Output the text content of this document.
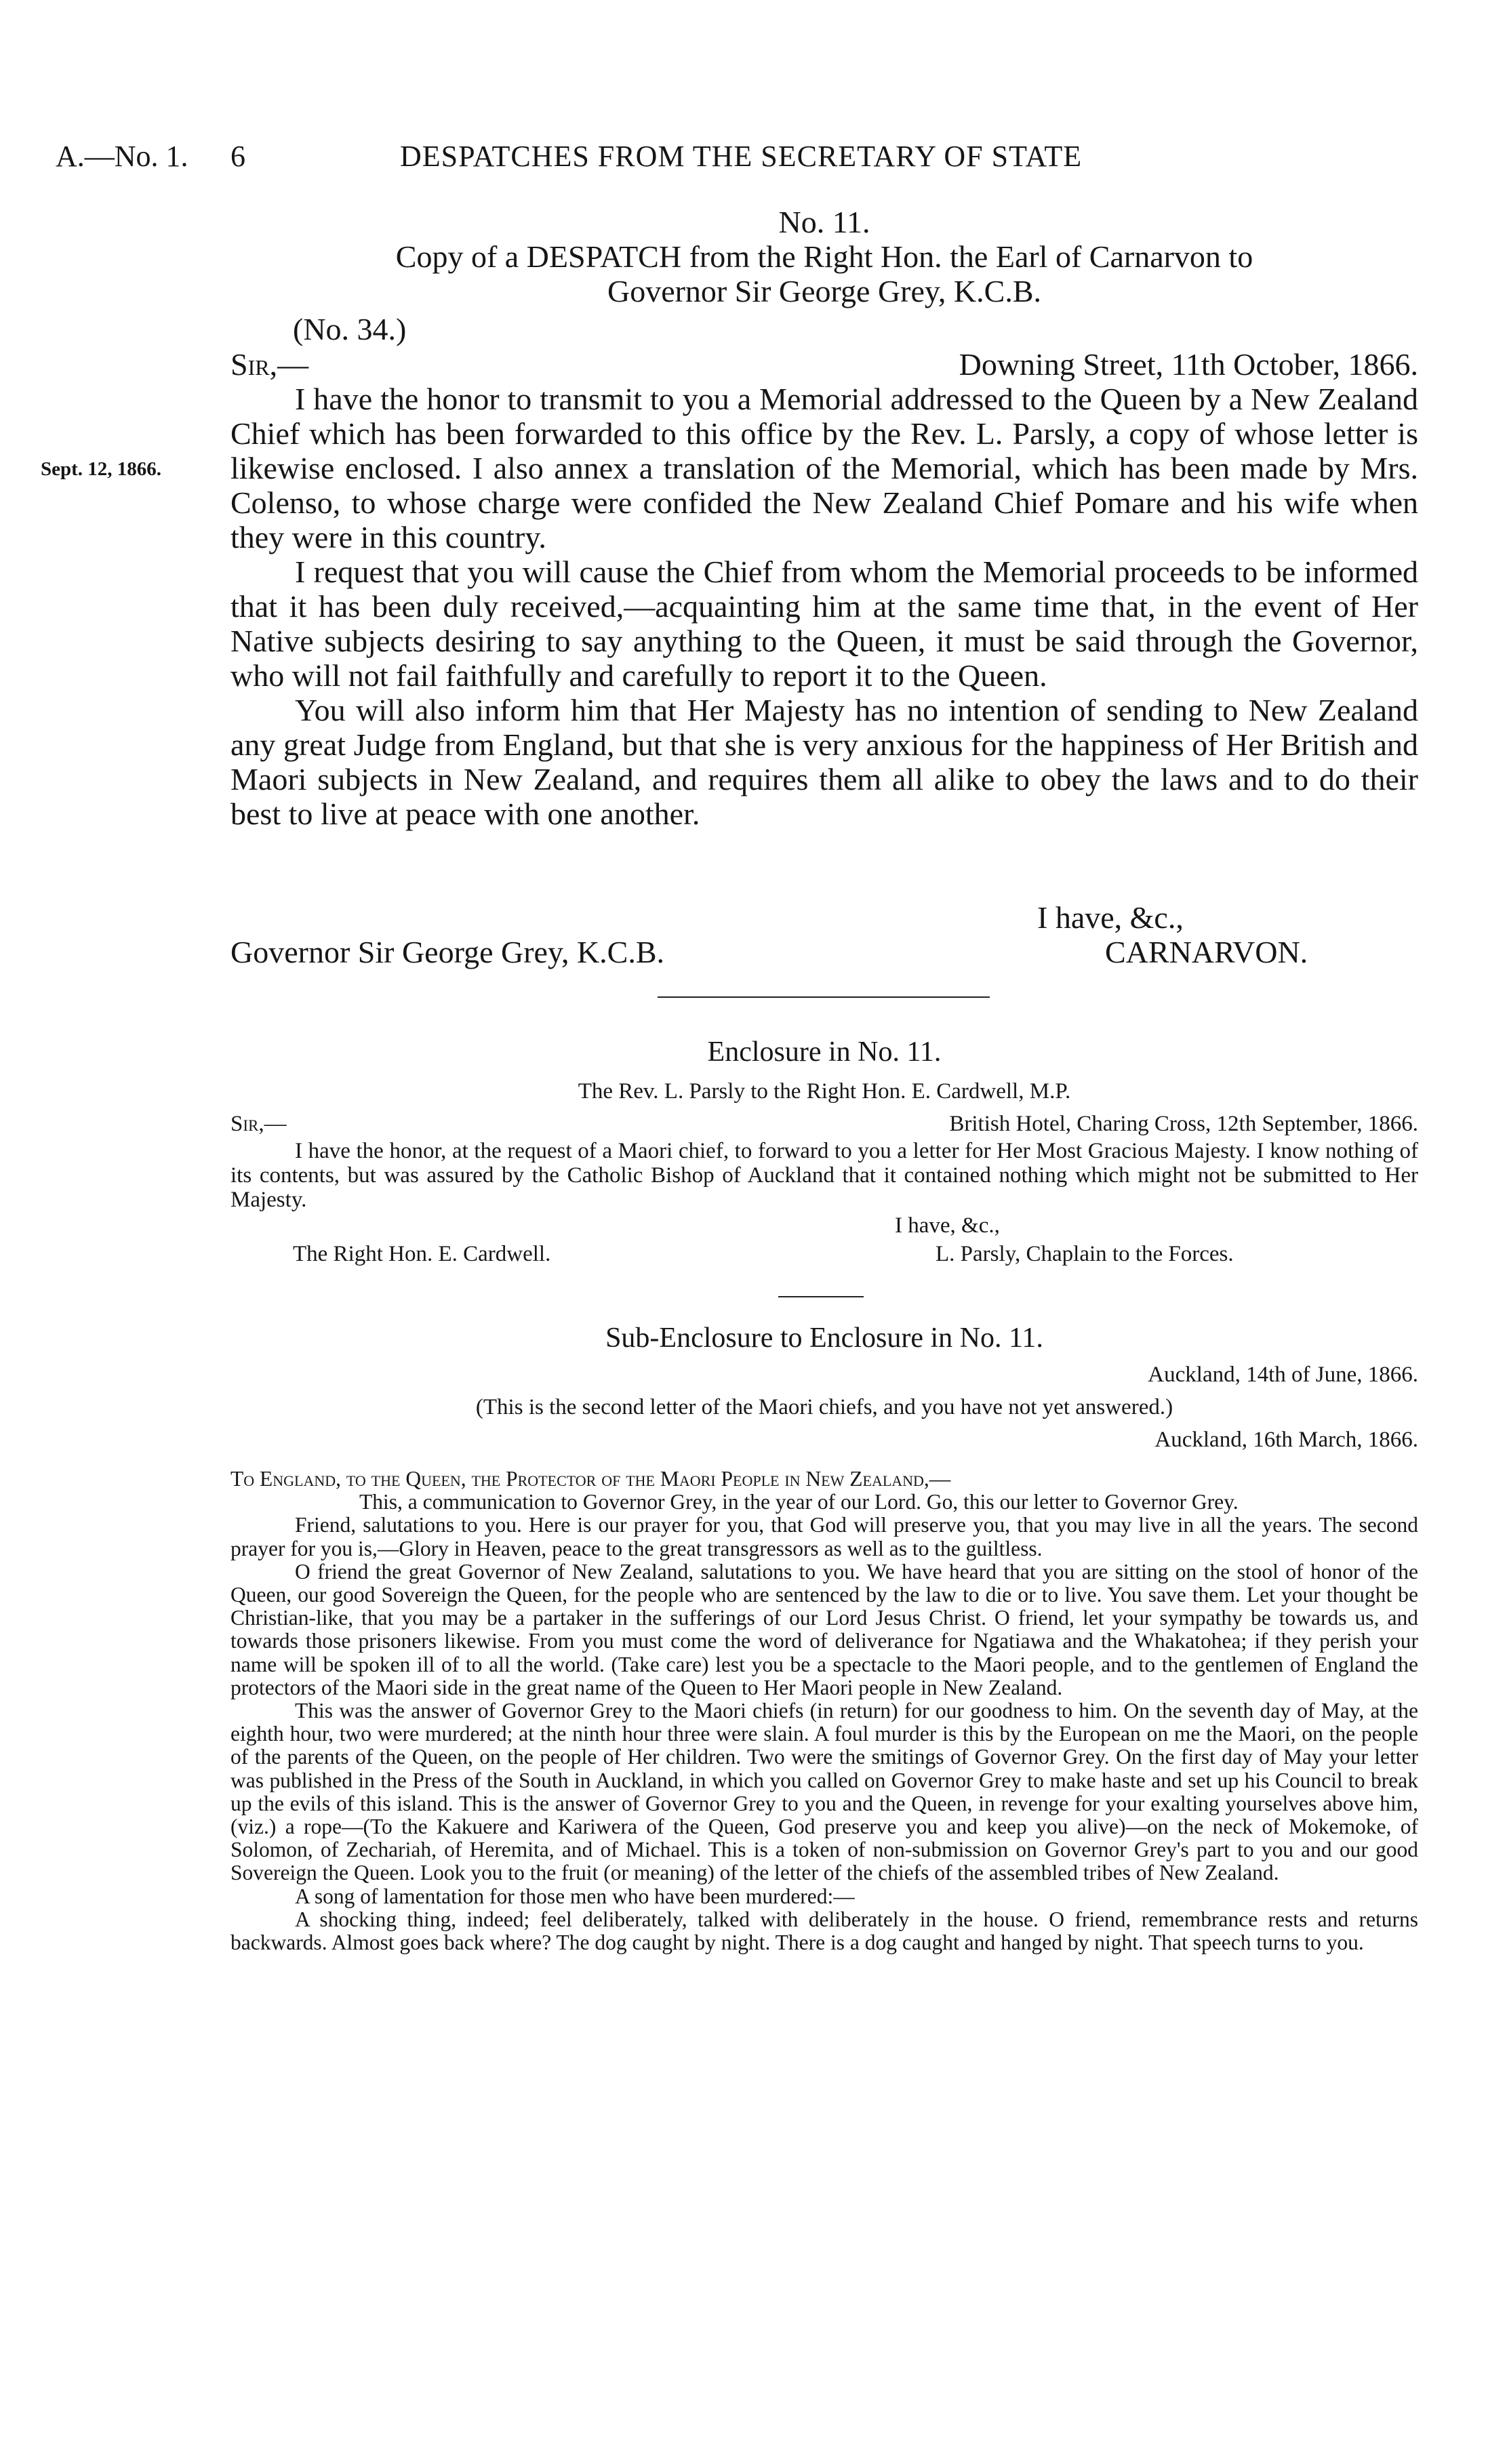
A.—No. 1. 6	DESPATCHES FROM THE SECRETARY OF STATE
No. 11.
Copy of a DESPATCH from the Right Hon. the Earl of Carnarvon to
Governor Sir George Grey, K.C.B.
(No. 34.)
Sir,—	Downing Street, 11th October, 1866.
Sept. 12, 1866.

I have the honor to transmit to you a Memorial addressed to the Queen by a New Zealand Chief which has been forwarded to this office by the Rev. L. Parsly, a copy of whose letter is likewise enclosed. I also annex a translation of the Memorial, which has been made by Mrs. Colenso, to whose charge were confided the New Zealand Chief Pomare and his wife when they were in this country.

I request that you will cause the Chief from whom the Memorial proceeds to be informed that it has been duly received,—acquainting him at the same time that, in the event of Her Native subjects desiring to say anything to the Queen, it must be said through the Governor, who will not fail faithfully and carefully to report it to the Queen.

You will also inform him that Her Majesty has no intention of sending to New Zealand any great Judge from England, but that she is very anxious for the happiness of Her British and Maori subjects in New Zealand, and requires them all alike to obey the laws and to do their best to live at peace with one another.

I have, &c.,
Governor Sir George Grey, K.C.B.	CARNARVON.
Enclosure in No. 11.
The Rev. L. Parsly to the Right Hon. E. Cardwell, M.P.
Sir,—	British Hotel, Charing Cross, 12th September, 1866.

I have the honor, at the request of a Maori chief, to forward to you a letter for Her Most Gracious Majesty. I know nothing of its contents, but was assured by the Catholic Bishop of Auckland that it contained nothing which might not be submitted to Her Majesty.

I have, &c.,
The Right Hon. E. Cardwell.	L. Parsly, Chaplain to the Forces.
Sub-Enclosure to Enclosure in No. 11.
Auckland, 14th of June, 1866.
(This is the second letter of the Maori chiefs, and you have not yet answered.)
Auckland, 16th March, 1866.

To England, to the Queen, the Protector of the Maori People in New Zealand,—

This, a communication to Governor Grey, in the year of our Lord. Go, this our letter to Governor Grey.

Friend, salutations to you. Here is our prayer for you, that God will preserve you, that you may live in all the years. The second prayer for you is,—Glory in Heaven, peace to the great transgressors as well as to the guiltless.

O friend the great Governor of New Zealand, salutations to you. We have heard that you are sitting on the stool of honor of the Queen, our good Sovereign the Queen, for the people who are sentenced by the law to die or to live. You save them. Let your thought be Christian-like, that you may be a partaker in the sufferings of our Lord Jesus Christ. O friend, let your sympathy be towards us, and towards those prisoners likewise. From you must come the word of deliverance for Ngatiawa and the Whakatohea; if they perish your name will be spoken ill of to all the world. (Take care) lest you be a spectacle to the Maori people, and to the gentlemen of England the protectors of the Maori side in the great name of the Queen to Her Maori people in New Zealand.

This was the answer of Governor Grey to the Maori chiefs (in return) for our goodness to him. On the seventh day of May, at the eighth hour, two were murdered; at the ninth hour three were slain. A foul murder is this by the European on me the Maori, on the people of the parents of the Queen, on the people of Her children. Two were the smitings of Governor Grey. On the first day of May your letter was published in the Press of the South in Auckland, in which you called on Governor Grey to make haste and set up his Council to break up the evils of this island. This is the answer of Governor Grey to you and the Queen, in revenge for your exalting yourselves above him, (viz.) a rope—(To the Kakuere and Kariwera of the Queen, God preserve you and keep you alive)—on the neck of Mokemoke, of Solomon, of Zechariah, of Heremita, and of Michael. This is a token of non-submission on Governor Grey's part to you and our good Sovereign the Queen. Look you to the fruit (or meaning) of the letter of the chiefs of the assembled tribes of New Zealand.

A song of lamentation for those men who have been murdered:—

A shocking thing, indeed; feel deliberately, talked with deliberately in the house. O friend, remembrance rests and returns backwards. Almost goes back where? The dog caught by night. There is a dog caught and hanged by night. That speech turns to you.
